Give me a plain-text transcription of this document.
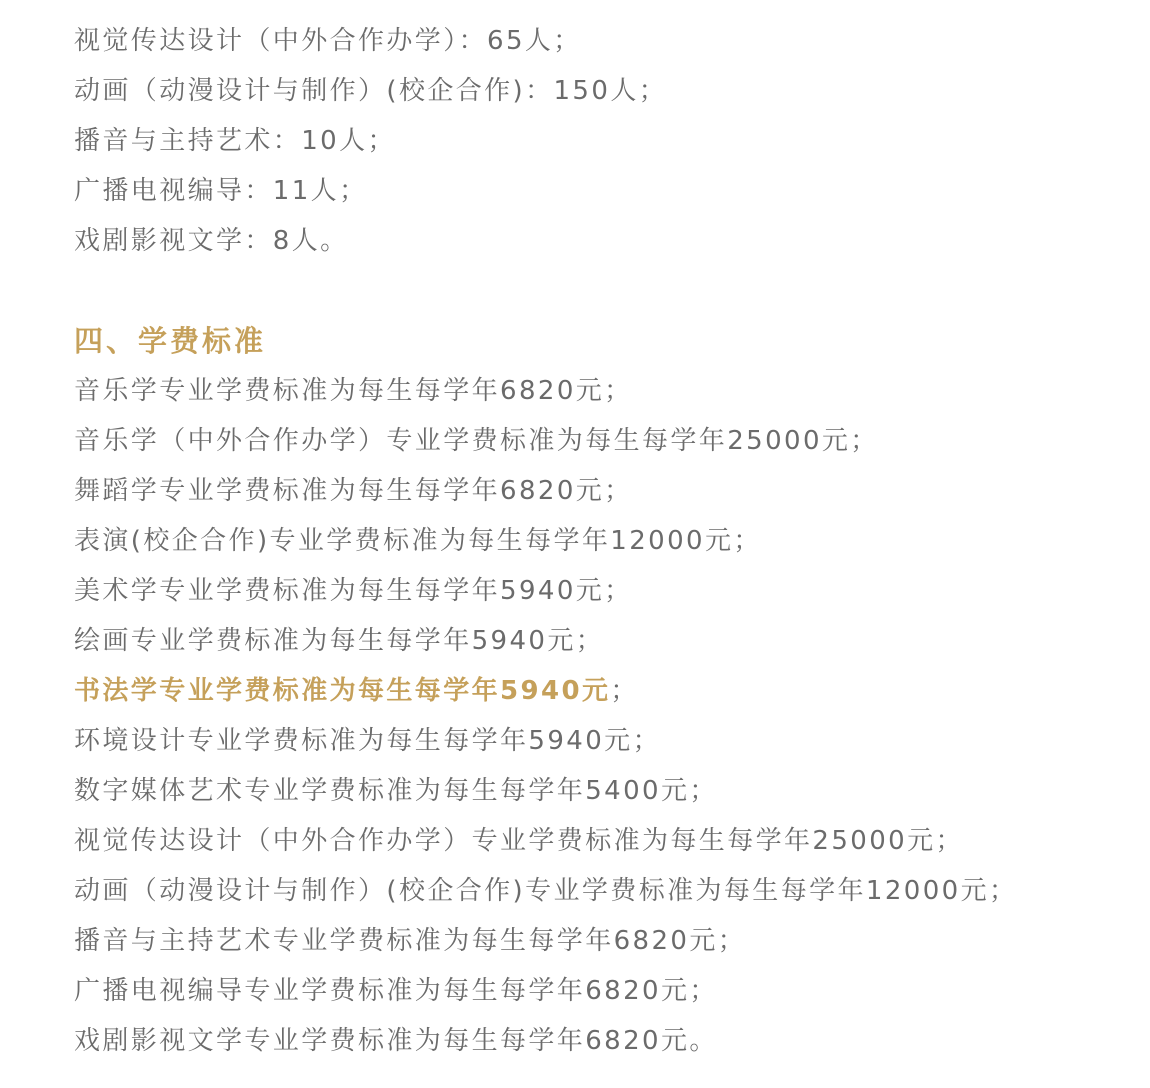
视觉传达设计（中外合作办学）：65人；
动画（动漫设计与制作）(校企合作)：150人；
播音与主持艺术：10人；
广播电视编导：11人；
戏剧影视文学：8人。
四、学费标准
音乐学专业学费标准为每生每学年6820元；
音乐学（中外合作办学）专业学费标准为每生每学年25000元；
舞蹈学专业学费标准为每生每学年6820元；
表演(校企合作)专业学费标准为每生每学年12000元；
美术学专业学费标准为每生每学年5940元；
绘画专业学费标准为每生每学年5940元；
书法学专业学费标准为每生每学年5940元；
环境设计专业学费标准为每生每学年5940元；
数字媒体艺术专业学费标准为每生每学年5400元；
视觉传达设计（中外合作办学）专业学费标准为每生每学年25000元；
动画（动漫设计与制作）(校企合作)专业学费标准为每生每学年12000元；
播音与主持艺术专业学费标准为每生每学年6820元；
广播电视编导专业学费标准为每生每学年6820元；
戏剧影视文学专业学费标准为每生每学年6820元。
